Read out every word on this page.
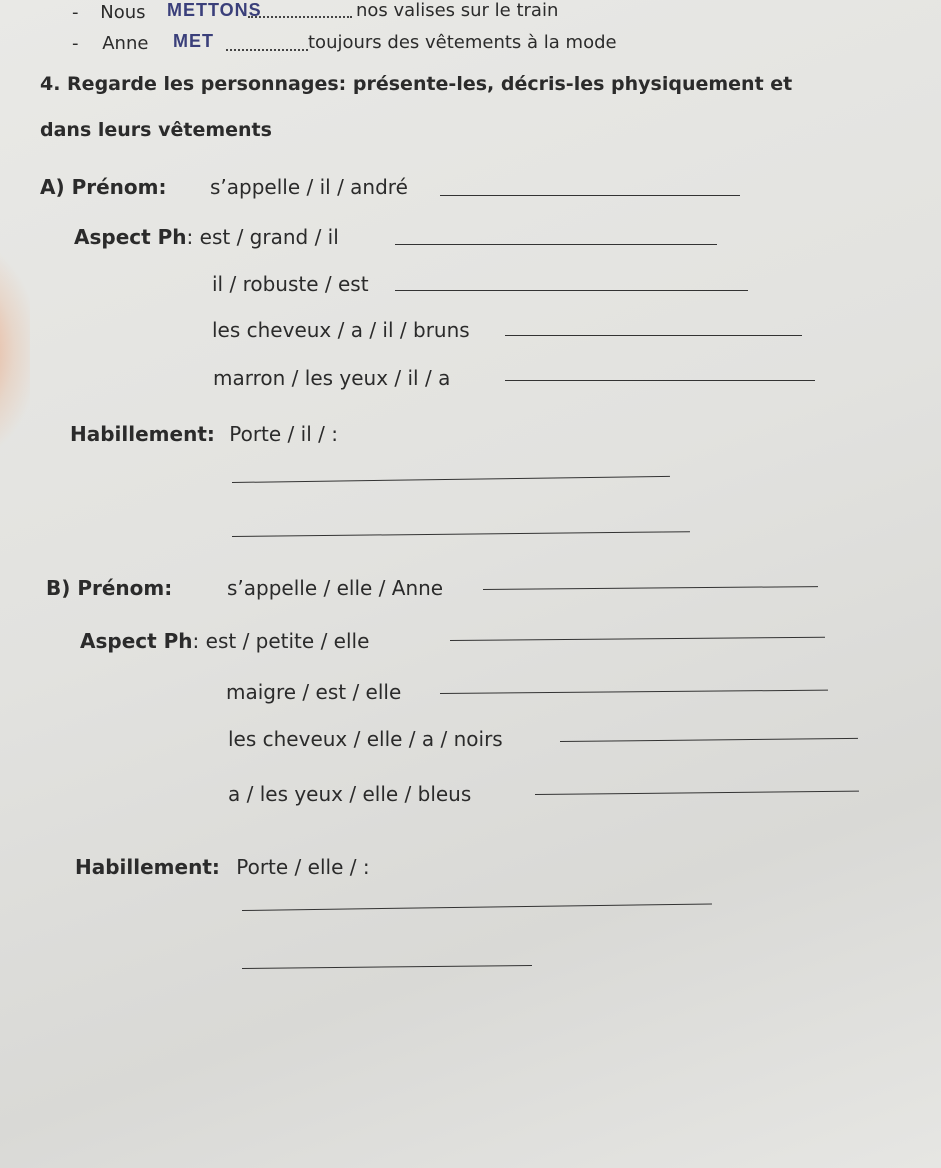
- Nous METTONS	nos valises sur le train
- Anne MET	toujours des vêtements à la mode
4. Regarde les personnages: présente-les, décris-les physiquement et
dans leurs vêtements
A) Prénom: s’appelle / il / andré
Aspect Ph: est / grand / il
il / robuste / est
les cheveux / a / il / bruns
marron / les yeux / il / a
Habillement: Porte / il / :
B) Prénom:	s’appelle / elle / Anne
Aspect Ph: est / petite / elle
maigre / est / elle
les cheveux / elle / a / noirs
a / les yeux / elle / bleus
Habillement: Porte / elle / :
